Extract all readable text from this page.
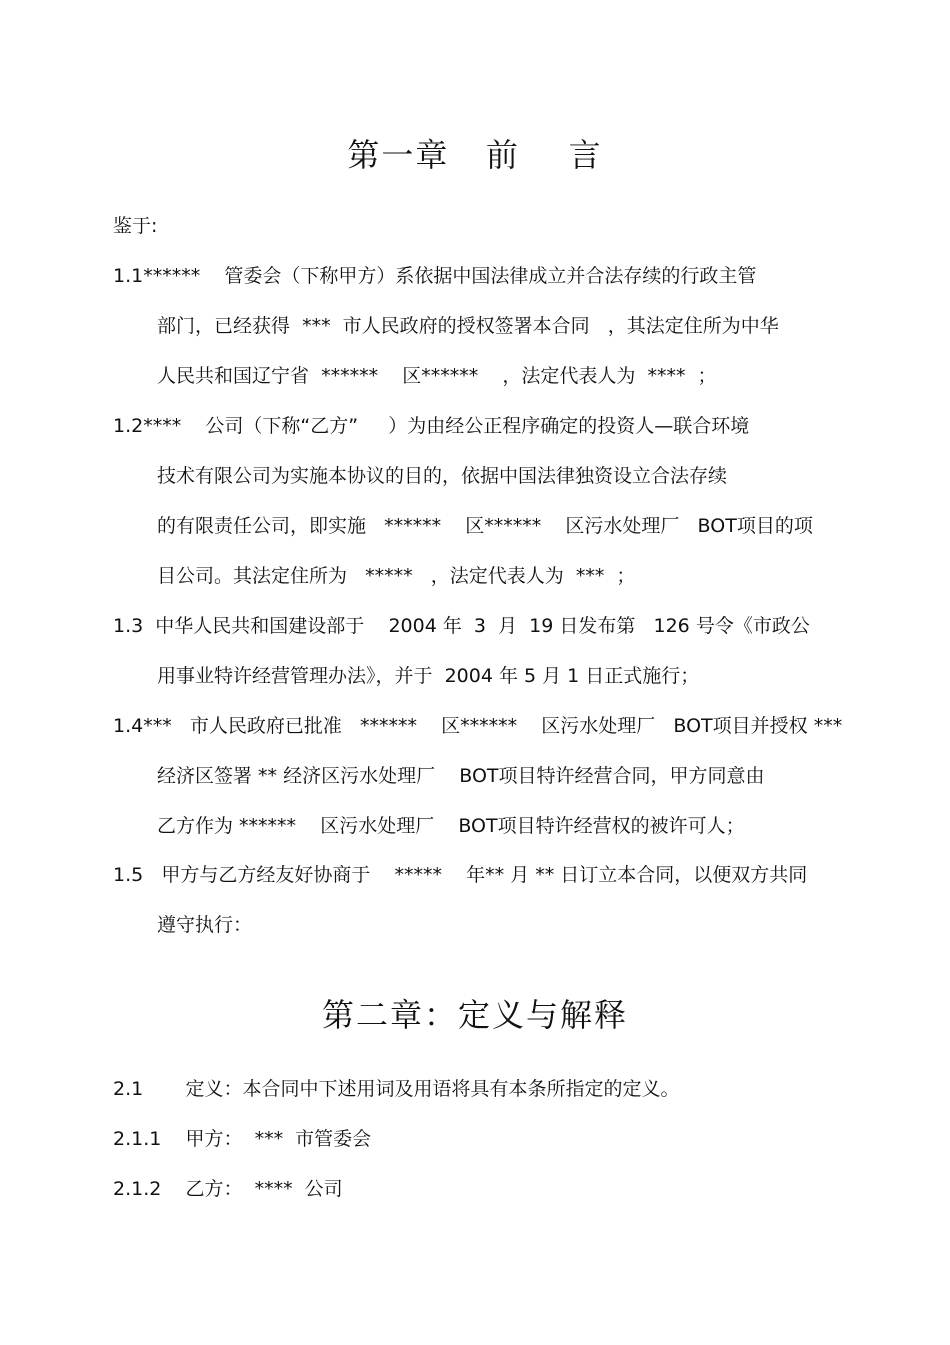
第一章   前    言
鉴于:
1.1******    管委会（下称甲方）系依据中国法律成立并合法存续的行政主管
部门，已经获得  ***  市人民政府的授权签署本合同   ，其法定住所为中华
人民共和国辽宁省  ******    区******    ，法定代表人为  ****  ；
1.2****    公司（下称“乙方”     ）为由经公正程序确定的投资人—联合环境
技术有限公司为实施本协议的目的，依据中国法律独资设立合法存续
的有限责任公司，即实施   ******    区******    区污水处理厂   BOT项目的项
目公司。其法定住所为   *****   ，法定代表人为  ***  ；
1.3  中华人民共和国建设部于    2004 年  3  月  19 日发布第   126 号令《市政公
用事业特许经营管理办法》，并于  2004 年 5 月 1 日正式施行；
1.4***   市人民政府已批准   ******    区******    区污水处理厂   BOT项目并授权 ***
经济区签署 ** 经济区污水处理厂    BOT项目特许经营合同，甲方同意由
乙方作为 ******    区污水处理厂    BOT项目特许经营权的被许可人；
1.5   甲方与乙方经友好协商于    *****    年** 月 ** 日订立本合同，以便双方共同
遵守执行：
第二章：定义与解释
2.1       定义：本合同中下述用词及用语将具有本条所指定的定义。
2.1.1    甲方：  ***  市管委会
2.1.2    乙方：  ****  公司
